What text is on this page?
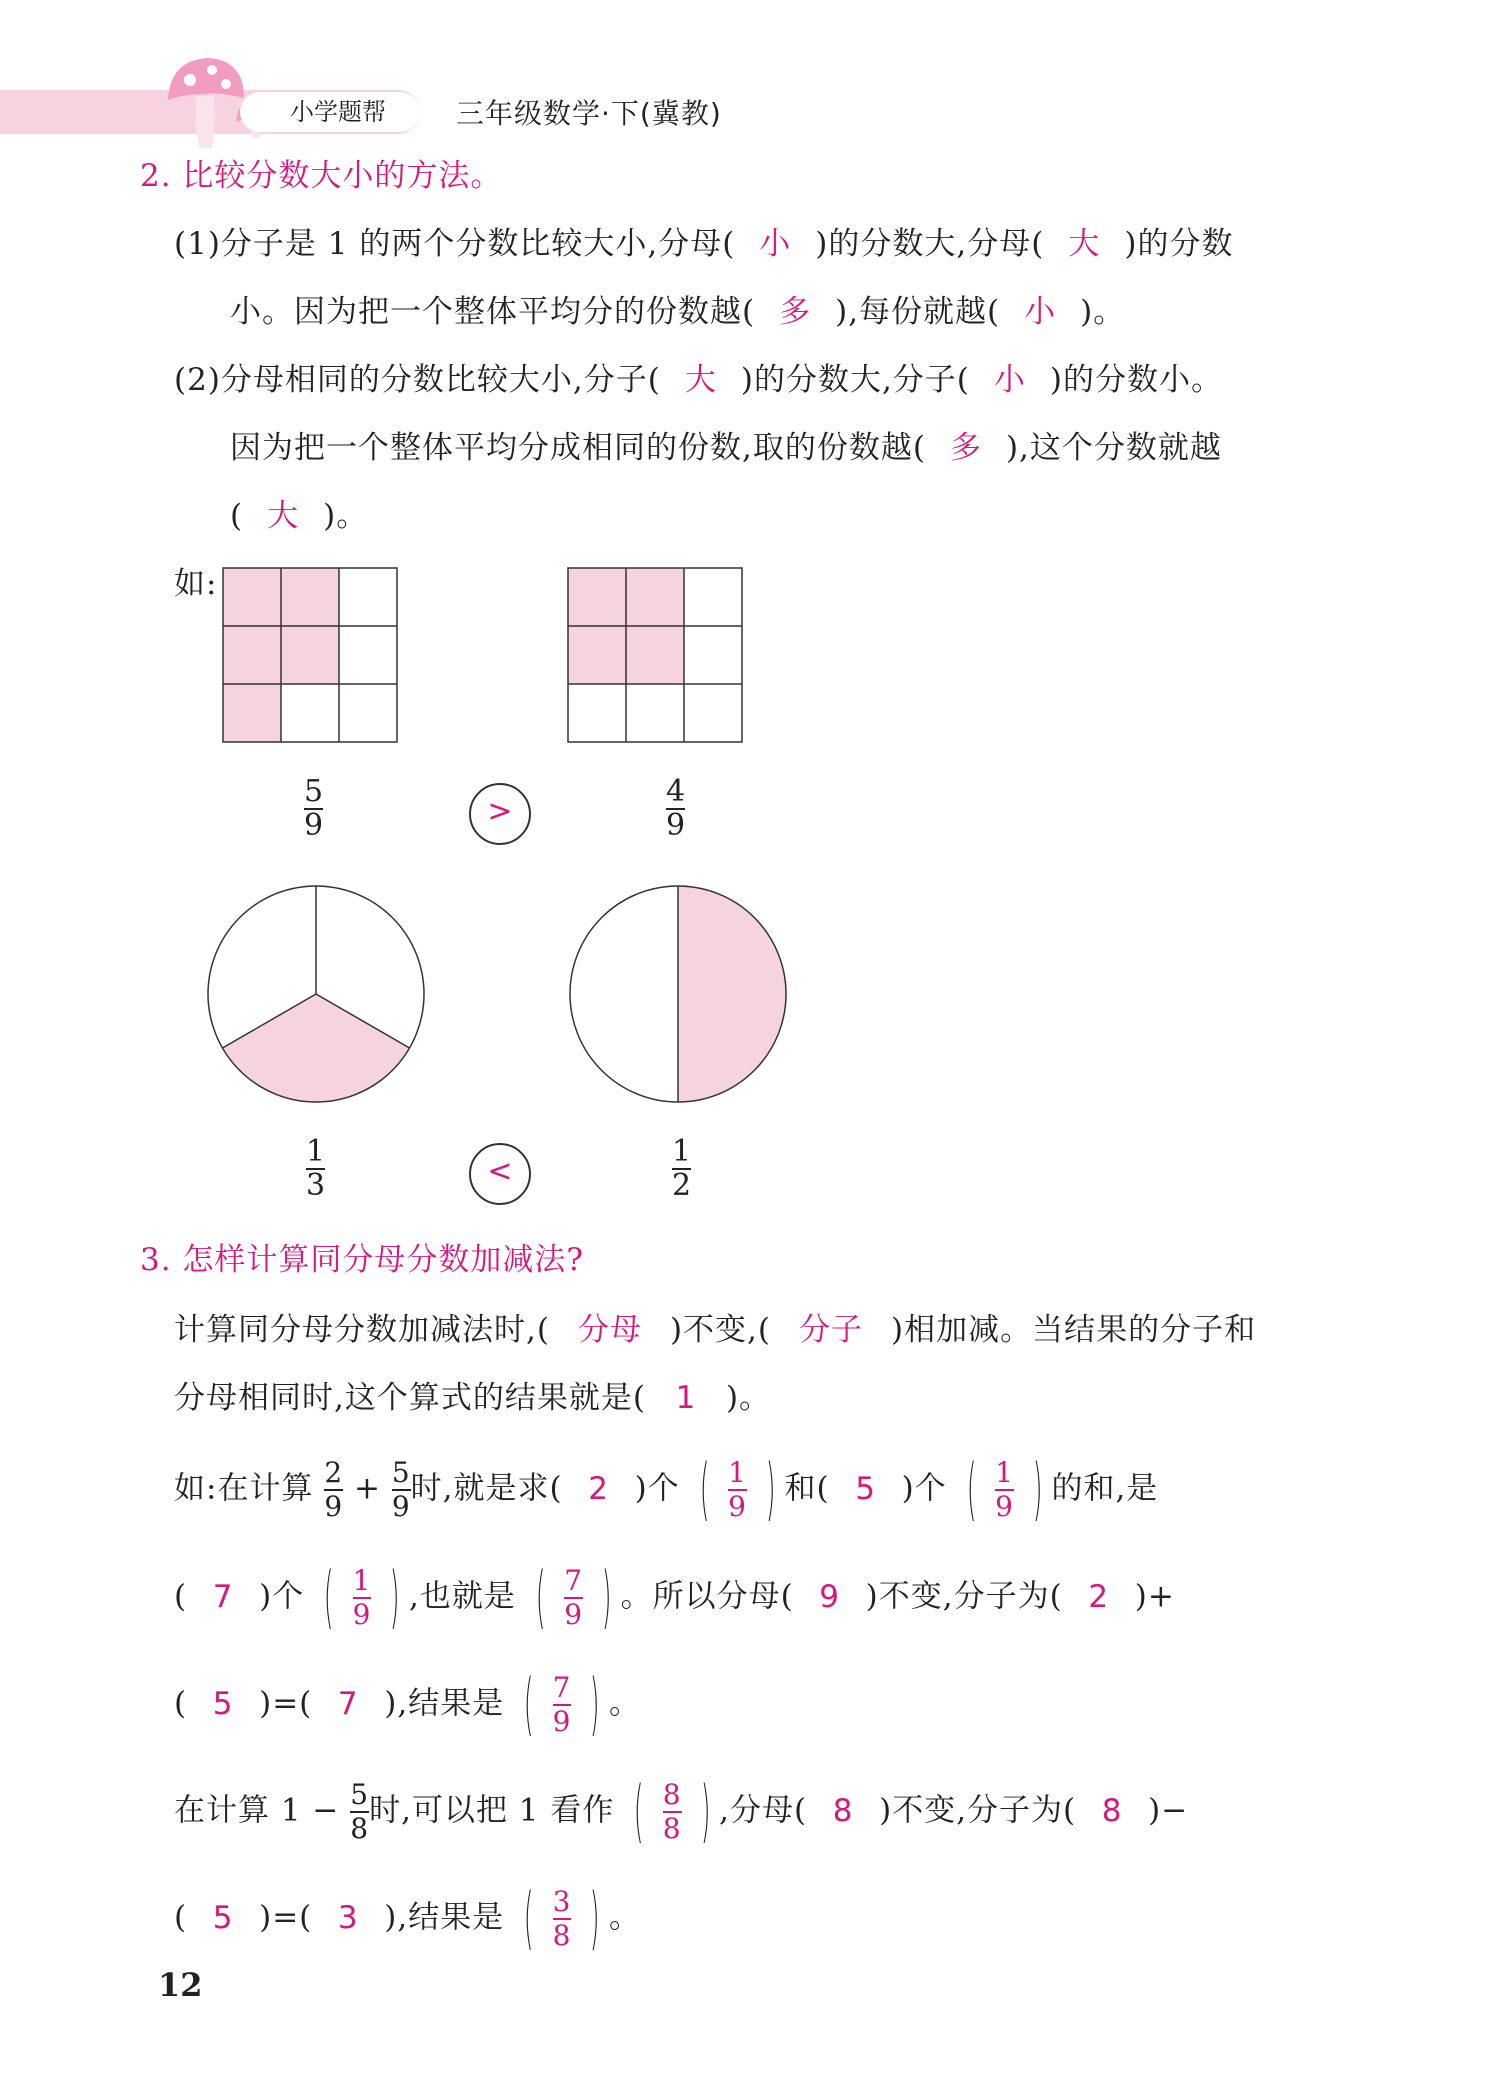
小学题帮	三年级数学·下(冀教)
2. 比较分数大小的方法。
(1)分子是 1 的两个分数比较大小,分母( 小 )的分数大,分母( 大 )的分数
小。因为把一个整体平均分的份数越( 多 ),每份就越( 小 )。
(2)分母相同的分数比较大小,分子( 大 )的分数大,分子( 小 )的分数小。
因为把一个整体平均分成相同的份数,取的份数越( 多 ),这个分数就越
( 大 )。
如:
$\frac{5}{9}$	>	$\frac{4}{9}$
$\frac{1}{3}$	<	$\frac{1}{2}$
3. 怎样计算同分母分数加减法?
计算同分母分数加减法时,( 分母 )不变,( 分子 )相加减。当结果的分子和
分母相同时,这个算式的结果就是( 1 )。
如:在计算 $\frac{2}{9} + \frac{5}{9}$ 时,就是求( 2 )个 ( $\frac{1}{9}$ ) 和( 5 )个 ( $\frac{1}{9}$ ) 的和,是
( 7 )个 ( $\frac{1}{9}$ ) ,也就是 ( $\frac{7}{9}$ ) 。所以分母( 9 )不变,分子为( 2 )+
( 5 )=( 7 ),结果是 ( $\frac{7}{9}$ ) 。
在计算 $1 - \frac{5}{8}$ 时,可以把 1 看作 ( $\frac{8}{8}$ ) ,分母( 8 )不变,分子为( 8 )−
( 5 )=( 3 ),结果是 ( $\frac{3}{8}$ ) 。
12
